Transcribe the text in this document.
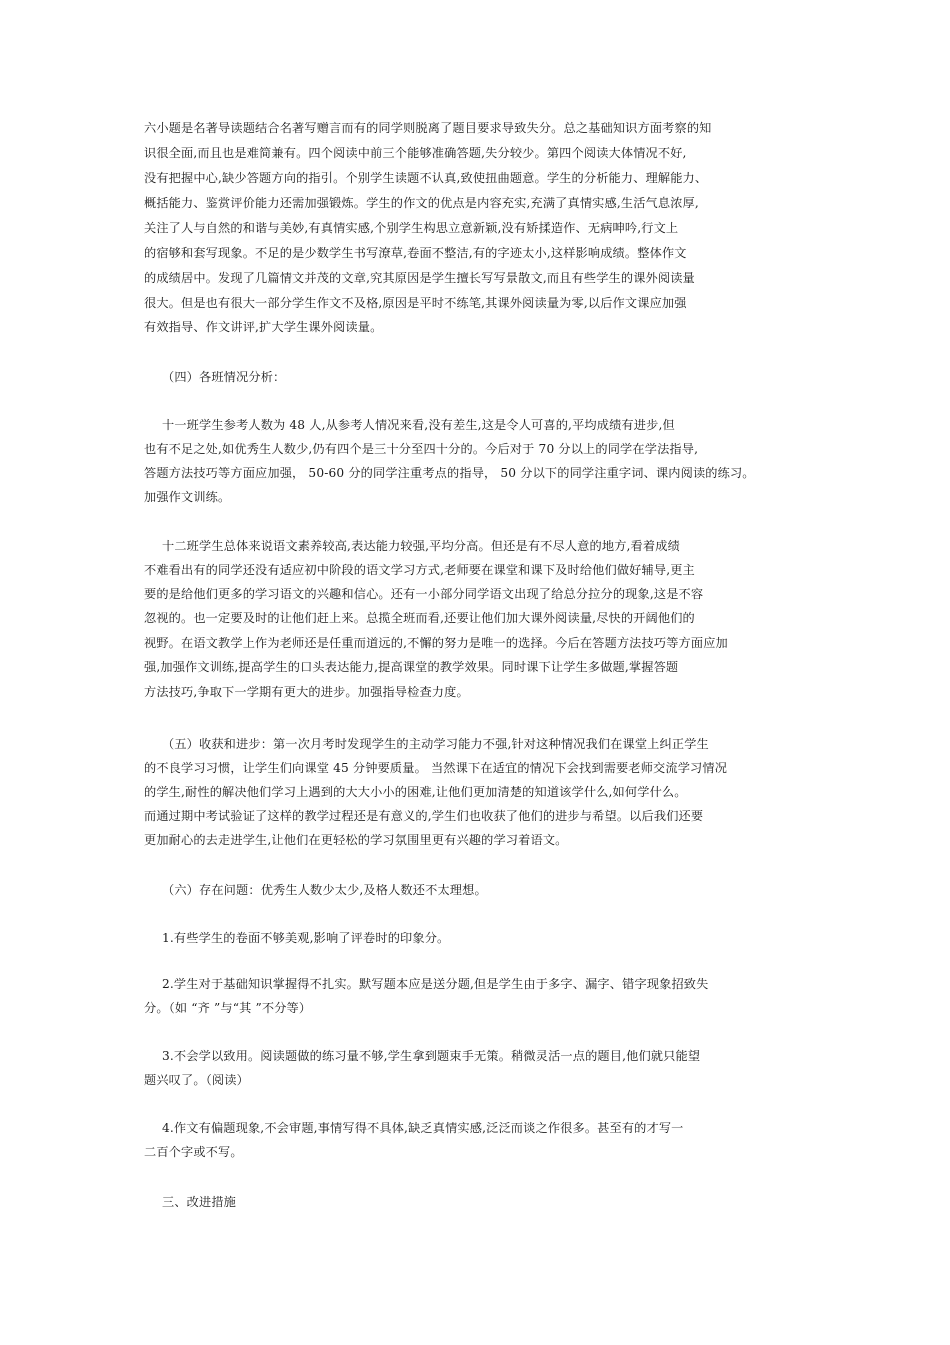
六小题是名著导读题结合名著写赠言而有的同学则脱离了题目要求导致失分。总之基础知识方面考察的知
识很全面,而且也是难简兼有。四个阅读中前三个能够准确答题,失分较少。第四个阅读大体情况不好,
没有把握中心,缺少答题方向的指引。个别学生读题不认真,致使扭曲题意。学生的分析能力、理解能力、
概括能力、鉴赏评价能力还需加强锻炼。学生的作文的优点是内容充实,充满了真情实感,生活气息浓厚,
关注了人与自然的和谐与美妙,有真情实感,个别学生构思立意新颖,没有矫揉造作、无病呻吟,行文上
的宿够和套写现象。不足的是少数学生书写潦草,卷面不整洁,有的字迹太小,这样影响成绩。整体作文
的成绩居中。发现了几篇情文并茂的文章,究其原因是学生擅长写写景散文,而且有些学生的课外阅读量
很大。但是也有很大一部分学生作文不及格,原因是平时不练笔,其课外阅读量为零,以后作文课应加强
有效指导、作文讲评,扩大学生课外阅读量。
（四）各班情况分析：
十一班学生参考人数为 48 人,从参考人情况来看,没有差生,这是令人可喜的,平均成绩有进步,但
也有不足之处,如优秀生人数少,仍有四个是三十分至四十分的。今后对于 70 分以上的同学在学法指导,
答题方法技巧等方面应加强， 50-60 分的同学注重考点的指导， 50 分以下的同学注重字词、课内阅读的练习。
加强作文训练。
十二班学生总体来说语文素养较高,表达能力较强,平均分高。但还是有不尽人意的地方,看着成绩
不难看出有的同学还没有适应初中阶段的语文学习方式,老师要在课堂和课下及时给他们做好辅导,更主
要的是给他们更多的学习语文的兴趣和信心。还有一小部分同学语文出现了给总分拉分的现象,这是不容
忽视的。也一定要及时的让他们赶上来。总揽全班而看,还要让他们加大课外阅读量,尽快的开阔他们的
视野。在语文教学上作为老师还是任重而道远的,不懈的努力是唯一的选择。今后在答题方法技巧等方面应加
强,加强作文训练,提高学生的口头表达能力,提高课堂的教学效果。同时课下让学生多做题,掌握答题
方法技巧,争取下一学期有更大的进步。加强指导检查力度。
（五）收获和进步：第一次月考时发现学生的主动学习能力不强,针对这种情况我们在课堂上纠正学生
的不良学习习惯，让学生们向课堂 45 分钟要质量。 当然课下在适宜的情况下会找到需要老师交流学习情况
的学生,耐性的解决他们学习上遇到的大大小小的困难,让他们更加清楚的知道该学什么,如何学什么。
而通过期中考试验证了这样的教学过程还是有意义的,学生们也收获了他们的进步与希望。以后我们还要
更加耐心的去走进学生,让他们在更轻松的学习氛围里更有兴趣的学习着语文。
（六）存在问题：优秀生人数少太少,及格人数还不太理想。
1.有些学生的卷面不够美观,影响了评卷时的印象分。
2.学生对于基础知识掌握得不扎实。默写题本应是送分题,但是学生由于多字、漏字、错字现象招致失
分。（如 “齐 ”与“其 ”不分等）
3.不会学以致用。阅读题做的练习量不够,学生拿到题束手无策。稍微灵活一点的题目,他们就只能望
题兴叹了。（阅读）
4.作文有偏题现象,不会审题,事情写得不具体,缺乏真情实感,泛泛而谈之作很多。甚至有的才写一
二百个字或不写。
三、改进措施
